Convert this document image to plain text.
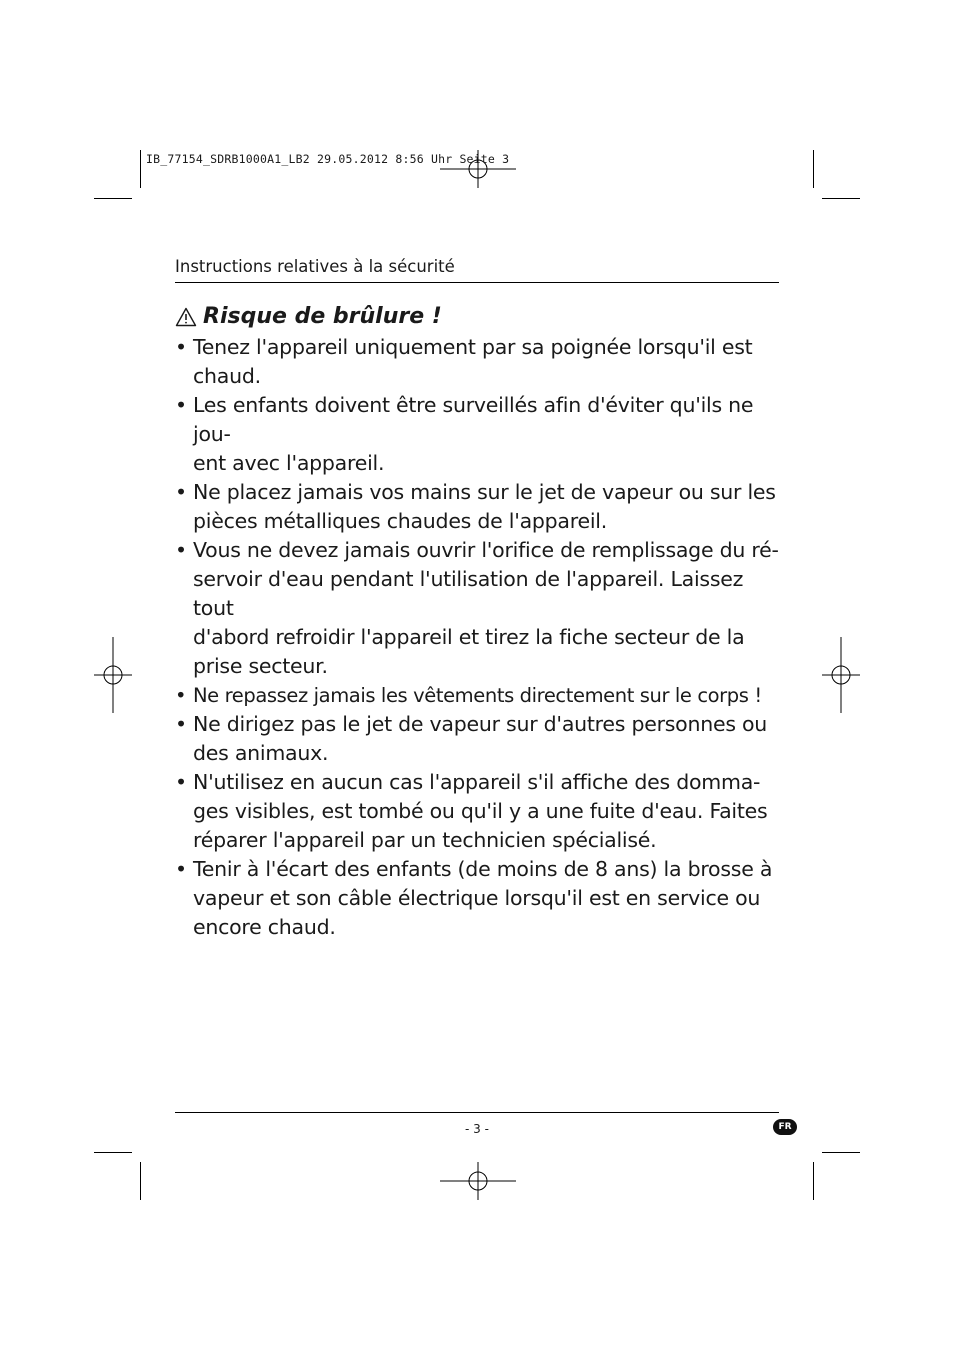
IB_77154_SDRB1000A1_LB2 29.05.2012 8:56 Uhr Seite 3
Instructions relatives à la sécurité
Risque de brûlure !
• Tenez l'appareil uniquement par sa poignée lorsqu'il est
chaud.
• Les enfants doivent être surveillés afin d'éviter qu'ils ne jou-
ent avec l'appareil.
• Ne placez jamais vos mains sur le jet de vapeur ou sur les
pièces métalliques chaudes de l'appareil.
• Vous ne devez jamais ouvrir l'orifice de remplissage du ré-
servoir d'eau pendant l'utilisation de l'appareil. Laissez tout
d'abord refroidir l'appareil et tirez la fiche secteur de la
prise secteur.
• Ne repassez jamais les vêtements directement sur le corps !
• Ne dirigez pas le jet de vapeur sur d'autres personnes ou
des animaux.
• N'utilisez en aucun cas l'appareil s'il affiche des domma-
ges visibles, est tombé ou qu'il y a une fuite d'eau. Faites
réparer l'appareil par un technicien spécialisé.
• Tenir à l'écart des enfants (de moins de 8 ans) la brosse à
vapeur et son câble électrique lorsqu'il est en service ou
encore chaud.
- 3 -	FR
